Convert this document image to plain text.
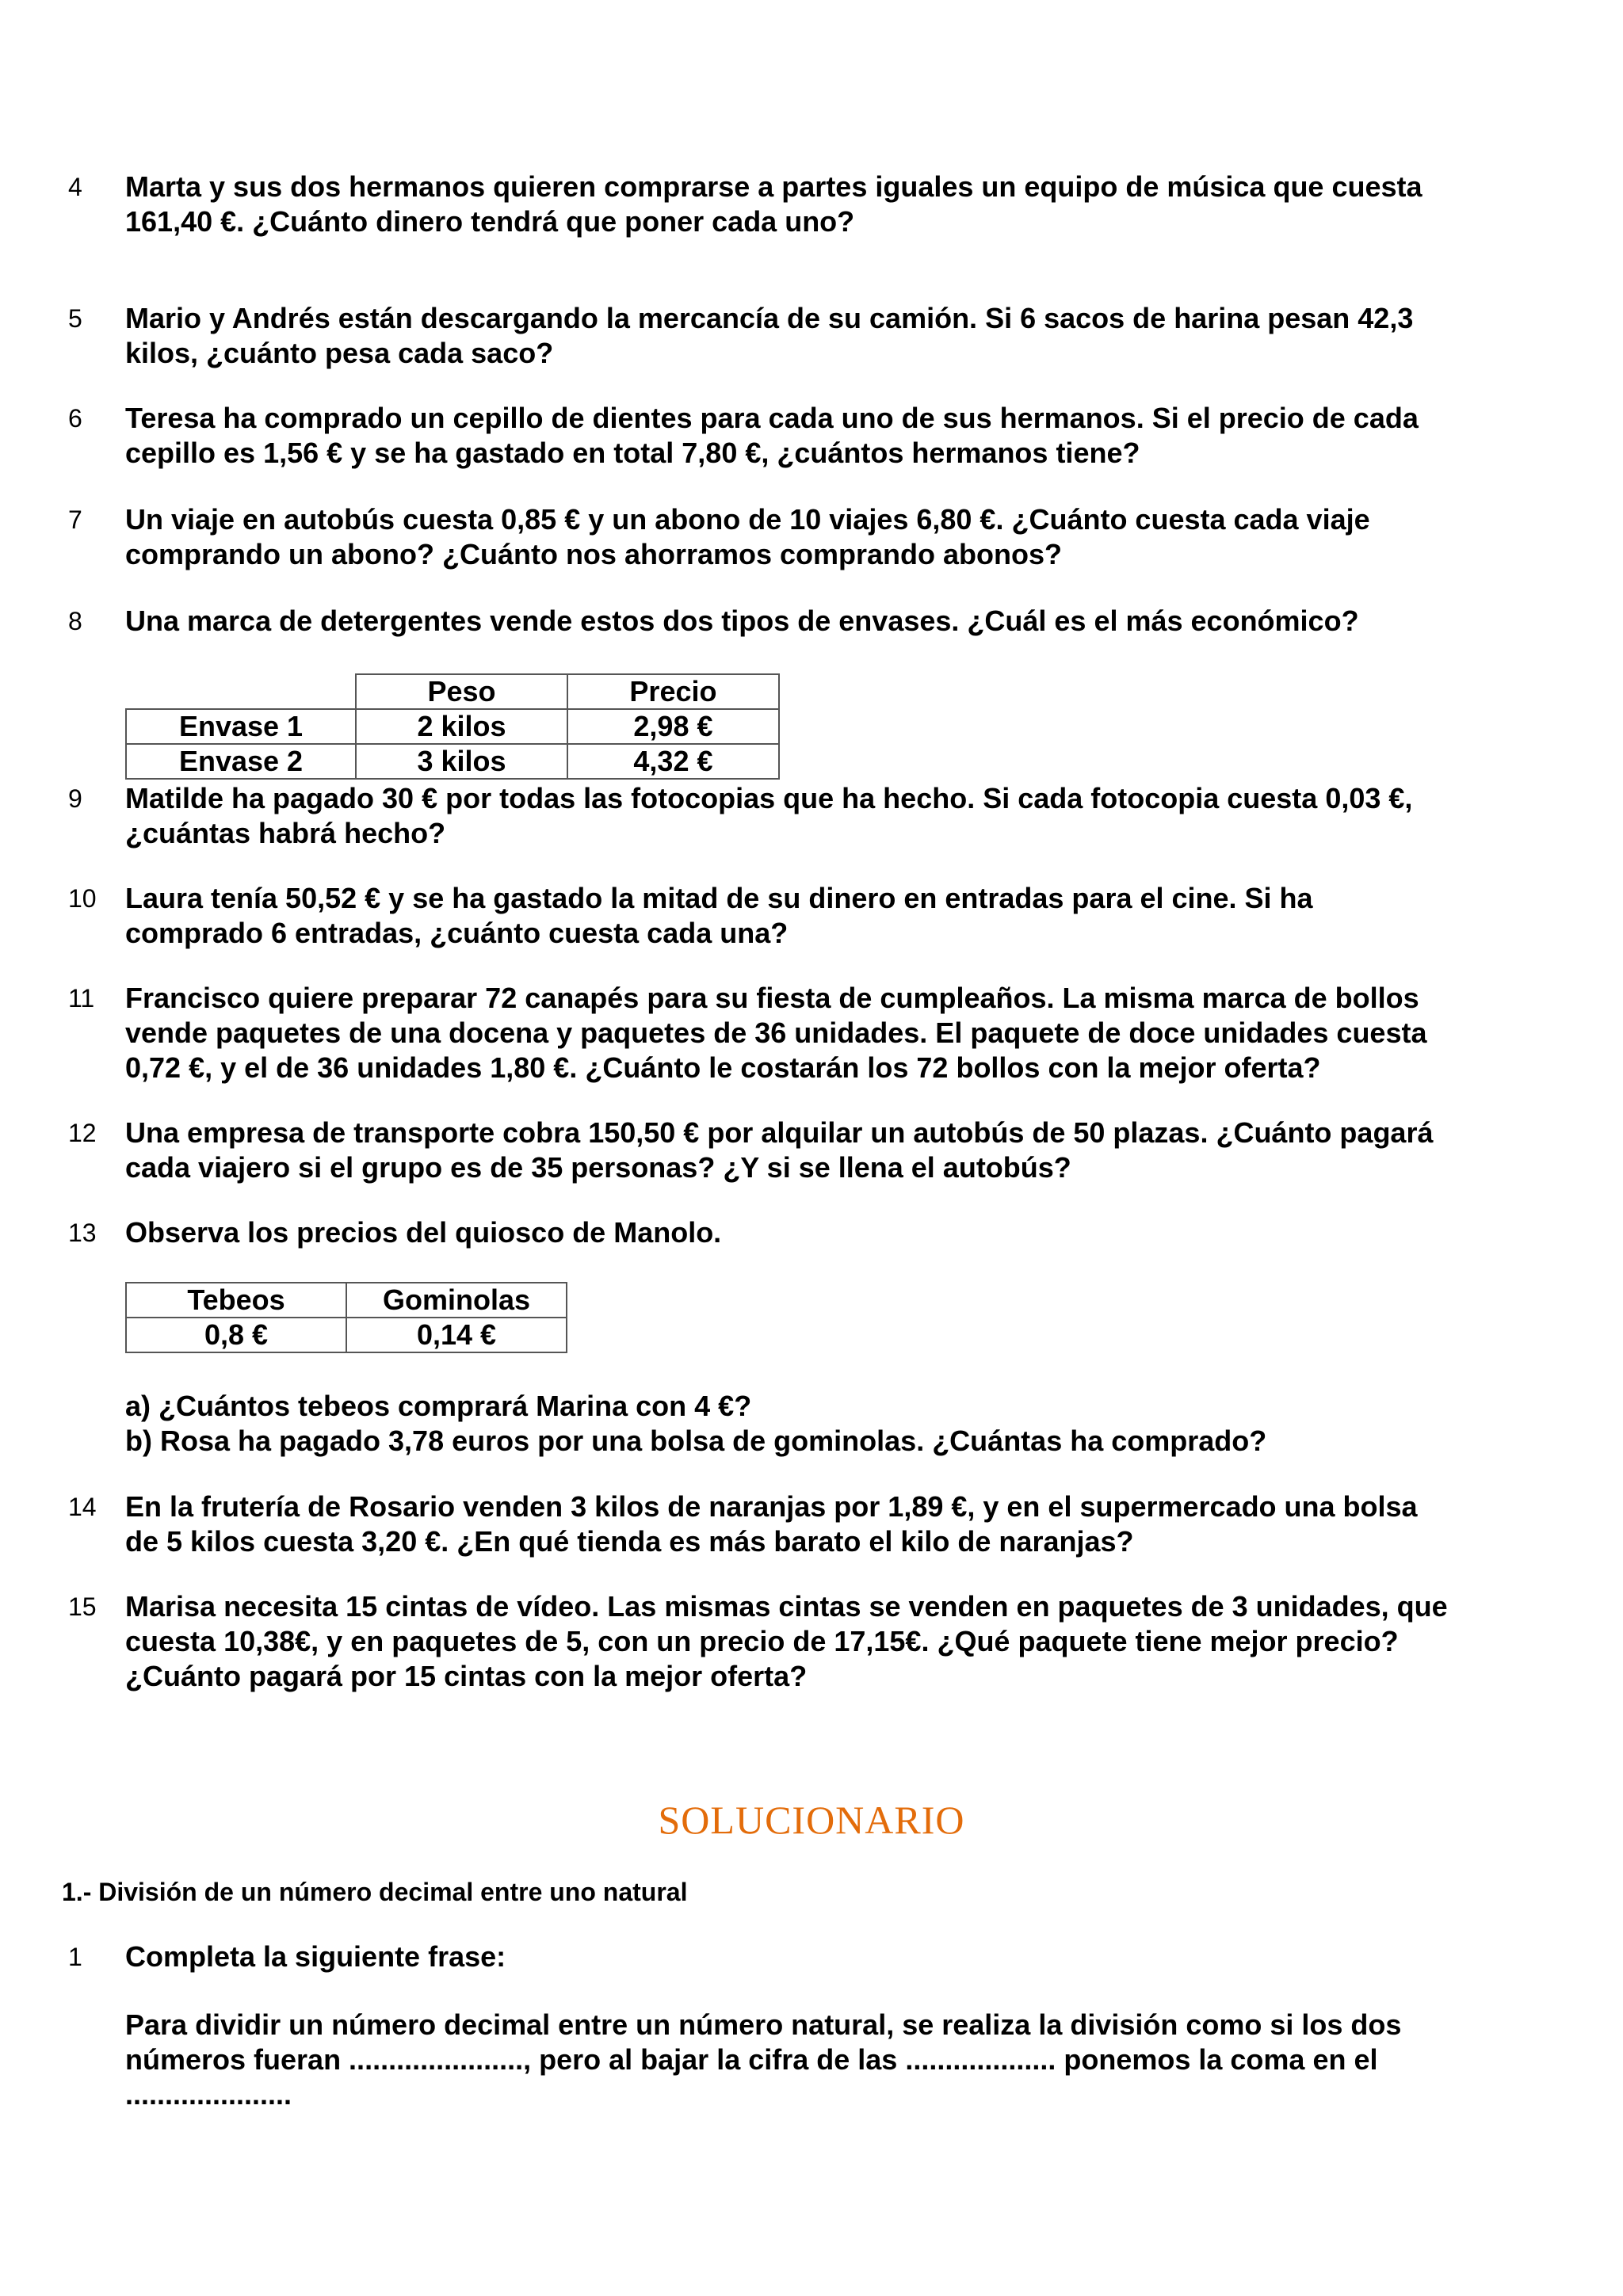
4 Marta y sus dos hermanos quieren comprarse a partes iguales un equipo de música que cuesta
161,40 €. ¿Cuánto dinero tendrá que poner cada uno?
5 Mario y Andrés están descargando la mercancía de su camión. Si 6 sacos de harina pesan 42,3
kilos, ¿cuánto pesa cada saco?
6 Teresa ha comprado un cepillo de dientes para cada uno de sus hermanos. Si el precio de cada
cepillo es 1,56 € y se ha gastado en total 7,80 €, ¿cuántos hermanos tiene?
7 Un viaje en autobús cuesta 0,85 € y un abono de 10 viajes 6,80 €. ¿Cuánto cuesta cada viaje
comprando un abono? ¿Cuánto nos ahorramos comprando abonos?
8 Una marca de detergentes vende estos dos tipos de envases. ¿Cuál es el más económico?
	Peso	Precio
Envase 1	2 kilos	2,98 €
Envase 2	3 kilos	4,32 €
9 Matilde ha pagado 30 € por todas las fotocopias que ha hecho. Si cada fotocopia cuesta 0,03 €,
¿cuántas habrá hecho?
10 Laura tenía 50,52 € y se ha gastado la mitad de su dinero en entradas para el cine. Si ha
comprado 6 entradas, ¿cuánto cuesta cada una?
11 Francisco quiere preparar 72 canapés para su fiesta de cumpleaños. La misma marca de bollos
vende paquetes de una docena y paquetes de 36 unidades. El paquete de doce unidades cuesta
0,72 €, y el de 36 unidades 1,80 €. ¿Cuánto le costarán los 72 bollos con la mejor oferta?
12 Una empresa de transporte cobra 150,50 € por alquilar un autobús de 50 plazas. ¿Cuánto pagará
cada viajero si el grupo es de 35 personas? ¿Y si se llena el autobús?
13 Observa los precios del quiosco de Manolo.
Tebeos	Gominolas
0,8 €	0,14 €
a) ¿Cuántos tebeos comprará Marina con 4 €?
b) Rosa ha pagado 3,78 euros por una bolsa de gominolas. ¿Cuántas ha comprado?
14 En la frutería de Rosario venden 3 kilos de naranjas por 1,89 €, y en el supermercado una bolsa
de 5 kilos cuesta 3,20 €. ¿En qué tienda es más barato el kilo de naranjas?
15 Marisa necesita 15 cintas de vídeo. Las mismas cintas se venden en paquetes de 3 unidades, que
cuesta 10,38€, y en paquetes de 5, con un precio de 17,15€. ¿Qué paquete tiene mejor precio?
¿Cuánto pagará por 15 cintas con la mejor oferta?
SOLUCIONARIO
1.- División de un número decimal entre uno natural
1 Completa la siguiente frase:
Para dividir un número decimal entre un número natural, se realiza la división como si los dos
números fueran ......................, pero al bajar la cifra de las ................... ponemos la coma en el
.....................
